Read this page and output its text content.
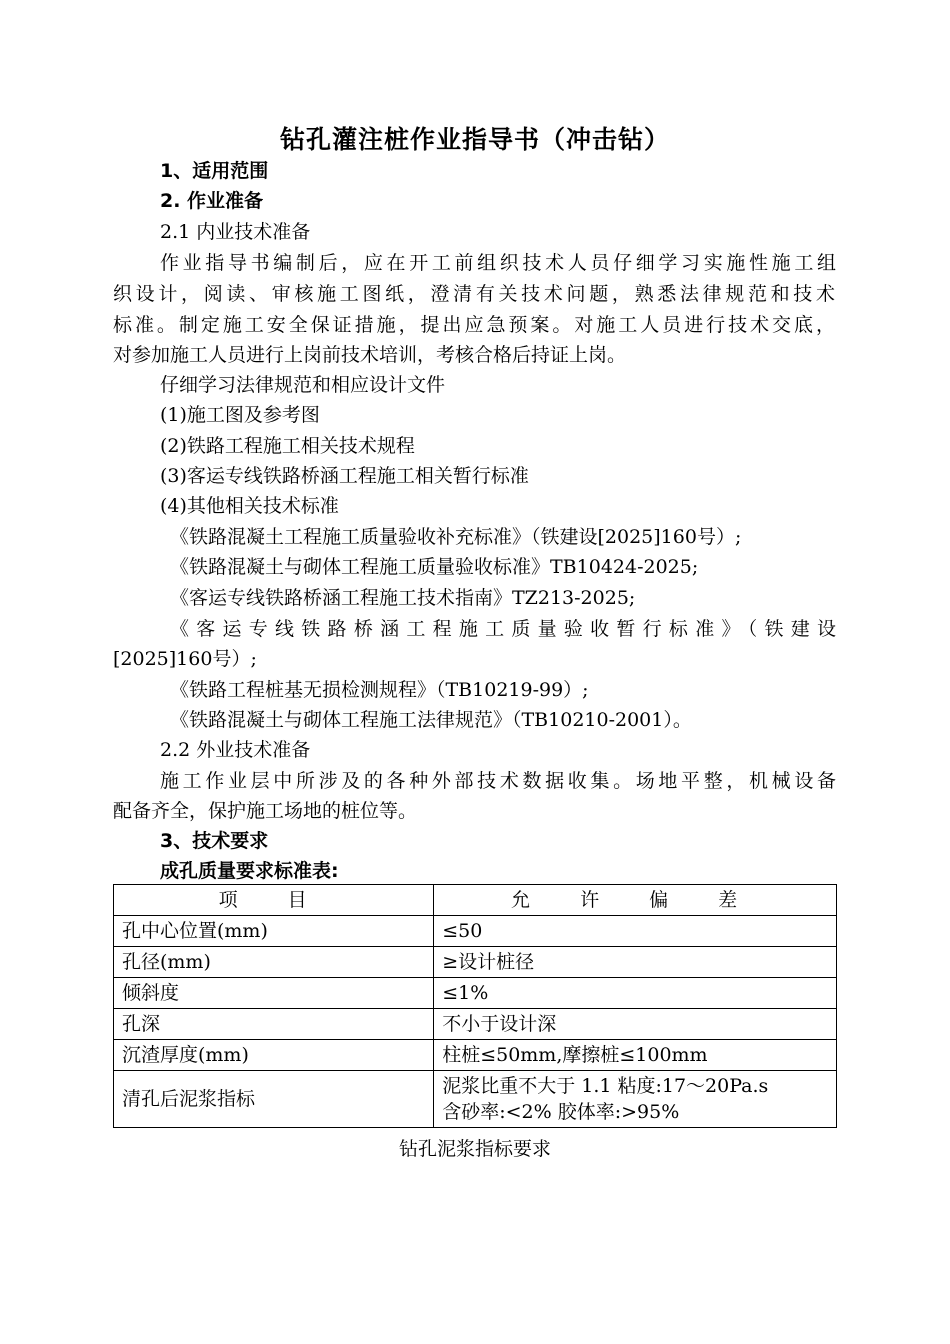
钻孔灌注桩作业指导书（冲击钻）
1、适用范围
2. 作业准备
2.1 内业技术准备
作业指导书编制后，应在开工前组织技术人员仔细学习实施性施工组
织设计，阅读、审核施工图纸，澄清有关技术问题，熟悉法律规范和技术
标准。制定施工安全保证措施，提出应急预案。对施工人员进行技术交底，
对参加施工人员进行上岗前技术培训，考核合格后持证上岗。
仔细学习法律规范和相应设计文件
(1)施工图及参考图
(2)铁路工程施工相关技术规程
(3)客运专线铁路桥涵工程施工相关暂行标准
(4)其他相关技术标准
《铁路混凝土工程施工质量验收补充标准》（铁建设[2025]160号）;
《铁路混凝土与砌体工程施工质量验收标准》TB10424-2025;
《客运专线铁路桥涵工程施工技术指南》TZ213-2025;
《客运专线铁路桥涵工程施工质量验收暂行标准》（铁建设
[2025]160号）;
《铁路工程桩基无损检测规程》（TB10219-99）;
《铁路混凝土与砌体工程施工法律规范》（TB10210-2001）。
2.2 外业技术准备
施工作业层中所涉及的各种外部技术数据收集。场地平整，机械设备
配备齐全，保护施工场地的桩位等。
3、技术要求
成孔质量要求标准表:
项 目	允 许 偏 差
孔中心位置(mm)	≤50
孔径(mm)	≥设计桩径
倾斜度	≤1%
孔深	不小于设计深
沉渣厚度(mm)	柱桩≤50mm,摩擦桩≤100mm
清孔后泥浆指标	泥浆比重不大于 1.1 粘度:17～20Pa.s
含砂率:<2% 胶体率:>95%
钻孔泥浆指标要求
